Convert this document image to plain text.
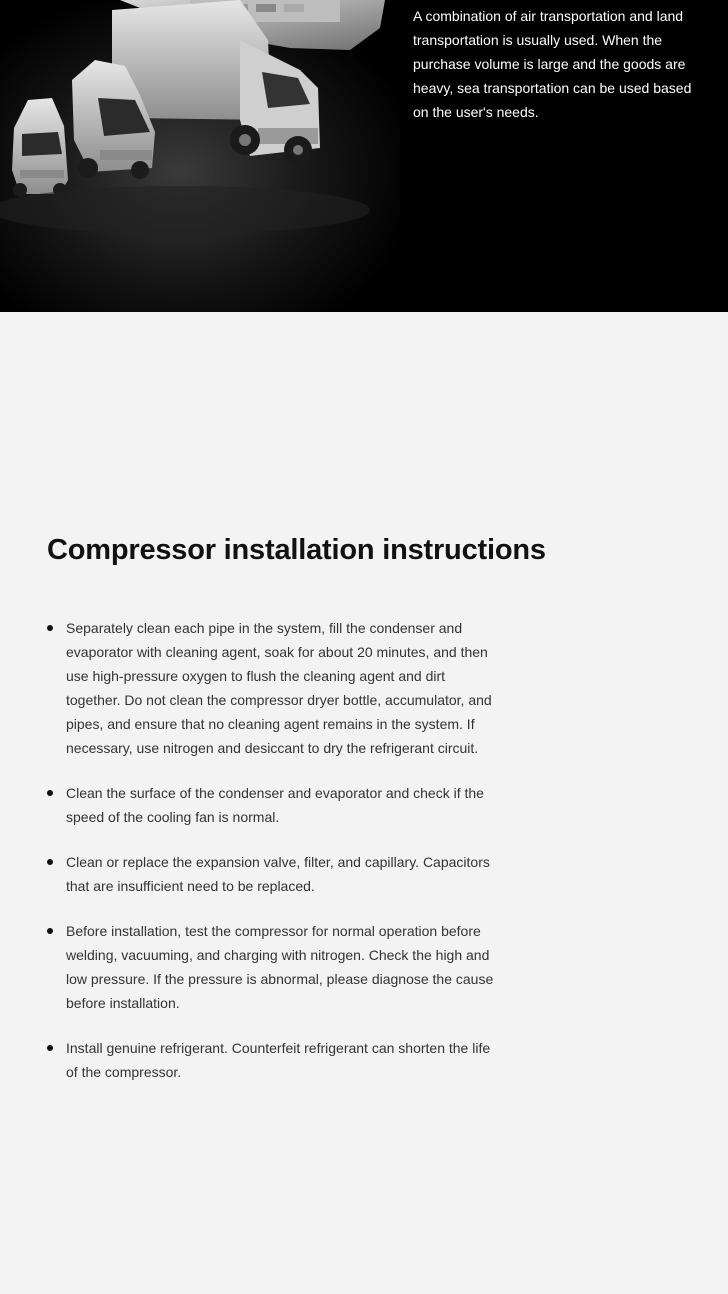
A combination of air transportation and land transportation is usually used. When the purchase volume is large and the goods are heavy, sea transportation can be used based on the user's needs.

Compressor installation instructions
Separately clean each pipe in the system, fill the condenser and evaporator with cleaning agent, soak for about 20 minutes, and then use high-pressure oxygen to flush the cleaning agent and dirt together. Do not clean the compressor dryer bottle, accumulator, and pipes, and ensure that no cleaning agent remains in the system. If necessary, use nitrogen and desiccant to dry the refrigerant circuit.
Clean the surface of the condenser and evaporator and check if the speed of the cooling fan is normal.
Clean or replace the expansion valve, filter, and capillary. Capacitors that are insufficient need to be replaced.
Before installation, test the compressor for normal operation before welding, vacuuming, and charging with nitrogen. Check the high and low pressure. If the pressure is abnormal, please diagnose the cause before installation.
Install genuine refrigerant. Counterfeit refrigerant can shorten the life of the compressor.
